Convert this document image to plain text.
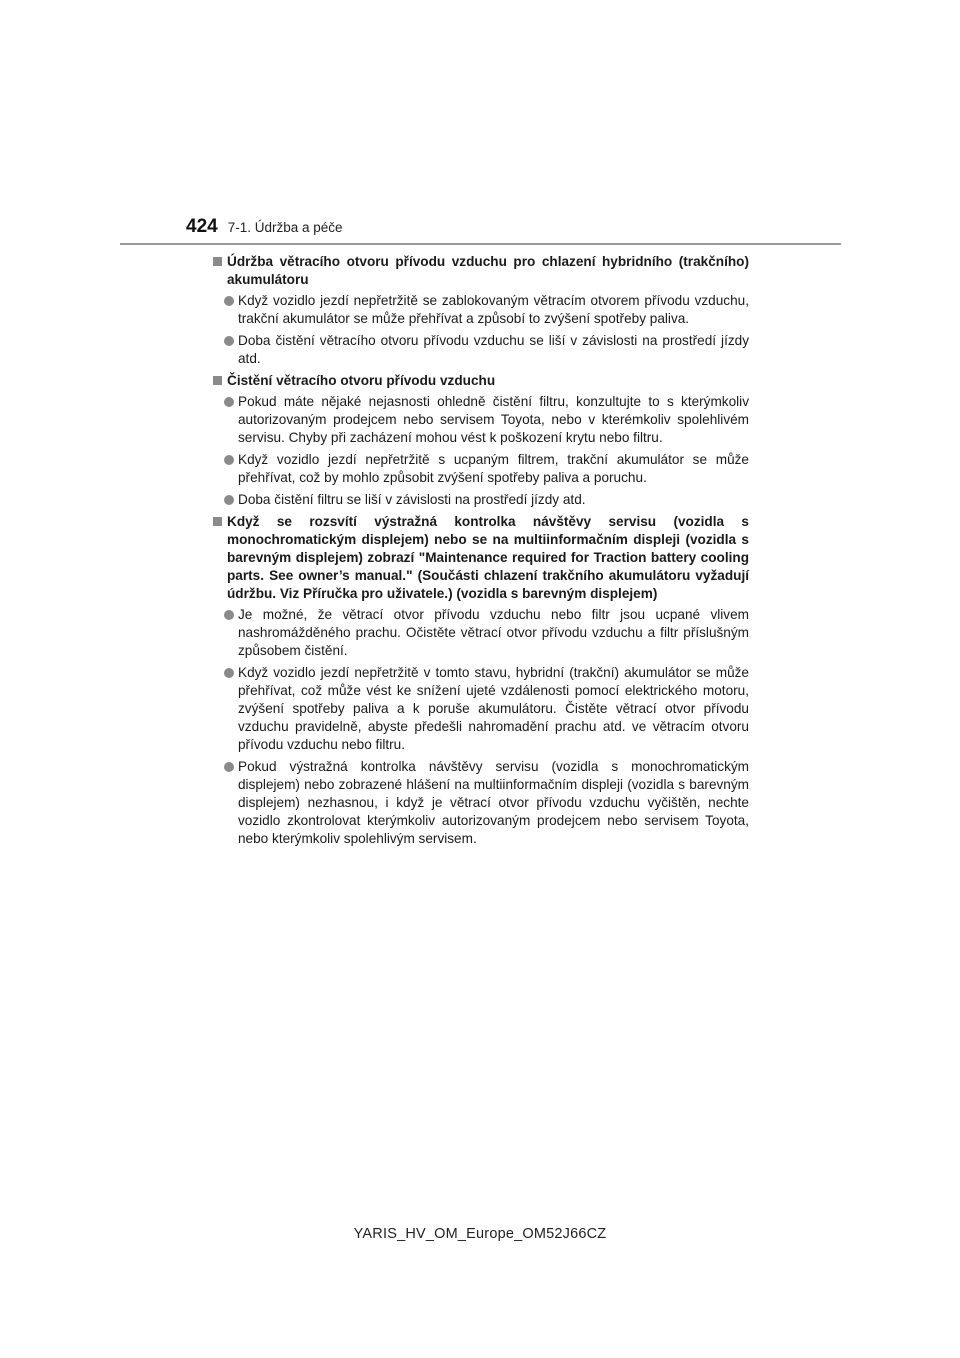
424 7-1. Údržba a péče
Údržba větracího otvoru přívodu vzduchu pro chlazení hybridního (trakčního) akumulátoru
Když vozidlo jezdí nepřetržitě se zablokovaným větracím otvorem přívodu vzduchu, trakční akumulátor se může přehřívat a způsobí to zvýšení spotřeby paliva.
Doba čistění větracího otvoru přívodu vzduchu se liší v závislosti na prostředí jízdy atd.
Čistění větracího otvoru přívodu vzduchu
Pokud máte nějaké nejasnosti ohledně čistění filtru, konzultujte to s kterýmkoliv autorizovaným prodejcem nebo servisem Toyota, nebo v kterémkoliv spolehlivém servisu. Chyby při zacházení mohou vést k poškození krytu nebo filtru.
Když vozidlo jezdí nepřetržitě s ucpaným filtrem, trakční akumulátor se může přehřívat, což by mohlo způsobit zvýšení spotřeby paliva a poruchu.
Doba čistění filtru se liší v závislosti na prostředí jízdy atd.
Když se rozsvítí výstražná kontrolka návštěvy servisu (vozidla s monochromatickým displejem) nebo se na multiinformačním displeji (vozidla s barevným displejem) zobrazí "Maintenance required for Traction battery cooling parts. See owner’s manual." (Součásti chlazení trakčního akumulátoru vyžadují údržbu. Viz Příručka pro uživatele.) (vozidla s barevným displejem)
Je možné, že větrací otvor přívodu vzduchu nebo filtr jsou ucpané vlivem nashromážděného prachu. Očistěte větrací otvor přívodu vzduchu a filtr příslušným způsobem čistění.
Když vozidlo jezdí nepřetržitě v tomto stavu, hybridní (trakční) akumulátor se může přehřívat, což může vést ke snížení ujeté vzdálenosti pomocí elektrického motoru, zvýšení spotřeby paliva a k poruše akumulátoru. Čistěte větrací otvor přívodu vzduchu pravidelně, abyste předešli nahromadění prachu atd. ve větracím otvoru přívodu vzduchu nebo filtru.
Pokud výstražná kontrolka návštěvy servisu (vozidla s monochromatickým displejem) nebo zobrazené hlášení na multiinformačním displeji (vozidla s barevným displejem) nezhasnou, i když je větrací otvor přívodu vzduchu vyčištěn, nechte vozidlo zkontrolovat kterýmkoliv autorizovaným prodejcem nebo servisem Toyota, nebo kterýmkoliv spolehlivým servisem.
YARIS_HV_OM_Europe_OM52J66CZ
